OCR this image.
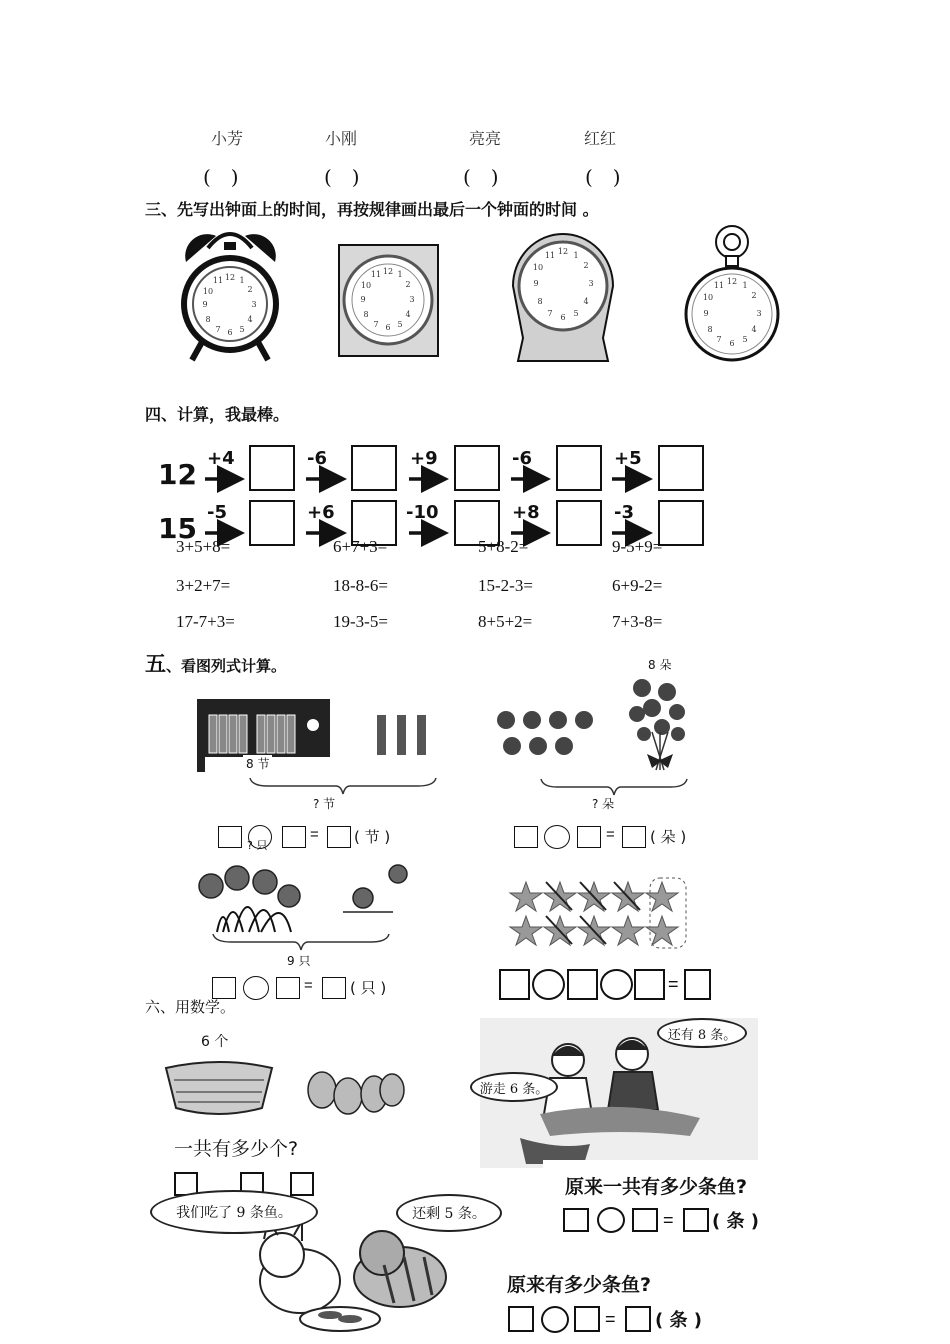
小芳	小刚	亮亮	红红
(　)	(　)	(　)	(　)
三、先写出钟面上的时间，再按规律画出最后一个钟面的时间 。
12 1
2
3
4
5
6
7
8
9
10
11
12 1
2
3
4
5
6
7
8
9
10
11
12 1
2
3
4
5
6
7
8
9
10
11
12 1
2
3
4
5
6
7
8
9
10
11
四、计算，我最棒。
12 +4	-6	+9	-6	+5
15 -5	+6	-10	+8	-3
3+5+8=	6+7+3=	5+8-2=	9-5+9=
3+2+7=	18-8-6=	15-2-3=	6+9-2=
17-7+3=	19-3-5=	8+5+2=	7+3-8=
五、看图列式计算。
8 节
? 节
= ( 节 )
8 朵
? 朵
= ( 朵 )
? 只
9 只
= ( 只 )	=
六、用数学。
6 个
一共有多少个?
还有 8 条。
游走 6 条。
原来一共有多少条鱼?
= ( 条 )
我们吃了 9 条鱼。	还剩 5 条。
原来有多少条鱼?
= ( 条 )
